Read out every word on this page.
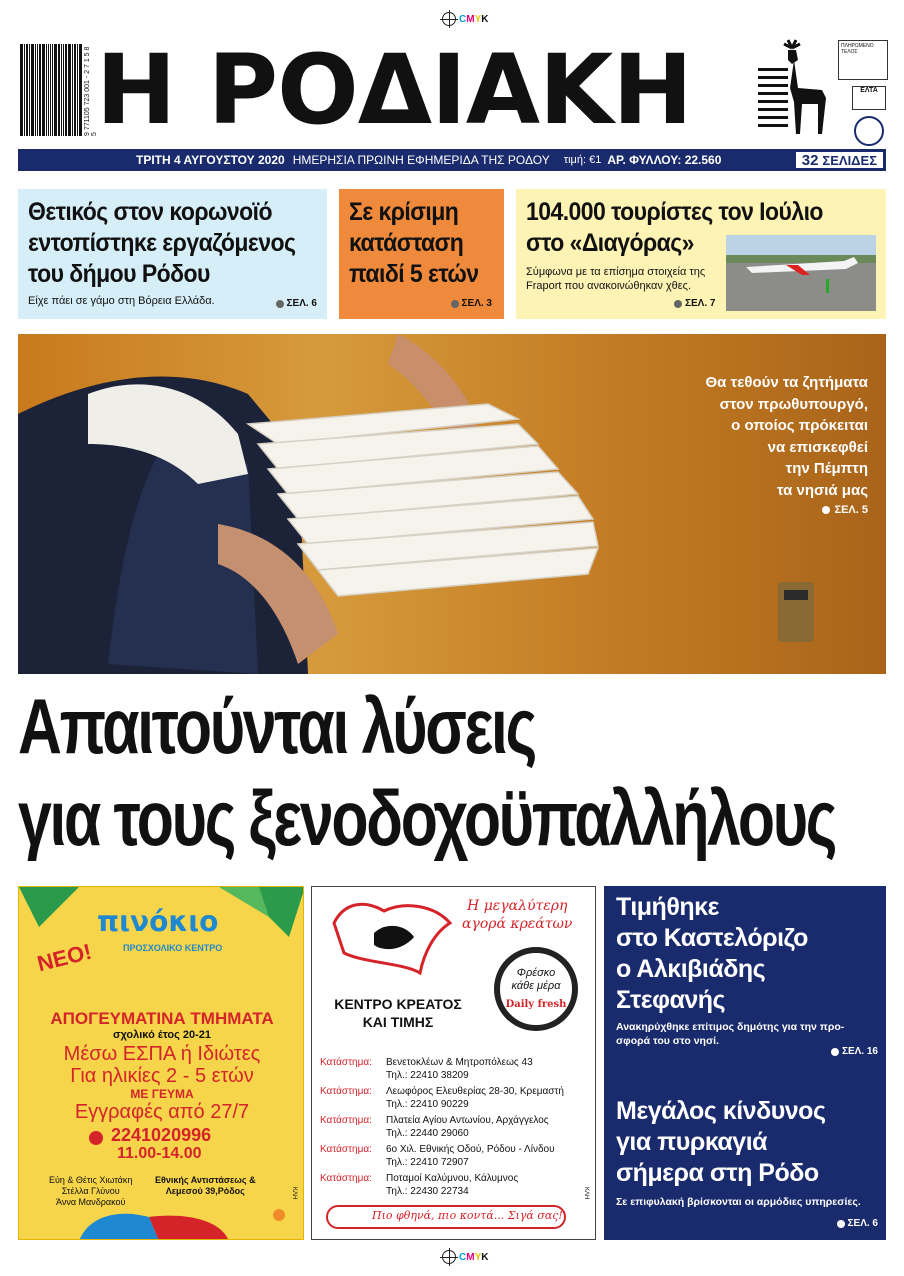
CMYK
9 771105 723 001 - 2 7 1 5 8 5
Η ΡΟΔΙΑΚΗ	ΠΛΗΡΩΜΕΝΟ ΤΕΛΟΣ
ΕΛΤΑ
ΤΡΙΤΗ 4 ΑΥΓΟΥΣΤΟΥ 2020 ΗΜΕΡΗΣΙΑ ΠΡΩΙΝΗ ΕΦΗΜΕΡΙΔΑ ΤΗΣ ΡΟΔΟΥ τιμή: €1 ΑΡ. ΦΥΛΛΟΥ: 22.560	32 ΣΕΛΙΔΕΣ
Θετικός στον κορωνοϊό
εντοπίστηκε εργαζόμενος
του δήμου Ρόδου

Είχε πάει σε γάμο στη Βόρεια Ελλάδα.	ΣΕΛ. 6
Σε κρίσιμη
κατάσταση
παιδί 5 ετών
ΣΕΛ. 3
104.000 τουρίστες τον Ιούλιο
στο «Διαγόρας»

Σύμφωνα με τα επίσημα στοιχεία της
Fraport που ανακοινώθηκαν χθες.

ΣΕΛ. 7
Θα τεθούν τα ζητήματα
στον πρωθυπουργό,
ο οποίος πρόκειται
να επισκεφθεί
την Πέμπτη
τα νησιά μας
ΣΕΛ. 5
Απαιτούνται λύσεις
για τους ξενοδοχοϋπαλλήλους
πινόκιο
ΠΡΟΣΧΟΛΙΚΟ ΚΕΝΤΡΟ
ΝΕΟ!
ΑΠΟΓΕΥΜΑΤΙΝΑ ΤΜΗΜΑΤΑ
σχολικό έτος 20-21
Μέσω ΕΣΠΑ ή Ιδιώτες
Για ηλικίες 2 - 5 ετών
ΜΕ ΓΕΥΜΑ
Εγγραφές από 27/7
2241020996
11.00-14.00
Εύη & Θέτις Χιωτάκη
Στέλλα Γλύνου
Άννα Μανδρακού
Εθνικής Αντιστάσεως &
Λεμεσού 39,Ρόδος	ΚΛΗ
Η μεγαλύτερη
αγορά κρεάτων
ΚΕΝΤΡΟ ΚΡΕΑΤΟΣ
ΚΑΙ ΤΙΜΗΣ
Φρέσκο
κάθε μέρα
Daily fresh
Κατάστημα:	Βενετοκλέων & Μητροπόλεως 43
Τηλ.: 22410 38209
Κατάστημα:	Λεωφόρος Ελευθερίας 28-30, Κρεμαστή
Τηλ.: 22410 90229
Κατάστημα:	Πλατεία Αγίου Αντωνίου, Αρχάγγελος
Τηλ.: 22440 29060
Κατάστημα:	6ο Χιλ. Εθνικής Οδού, Ρόδου - Λίνδου
Τηλ.: 22410 72907
Κατάστημα:	Ποταμοί Καλύμνου, Κάλυμνος
Τηλ.: 22430 22734
Πιο φθηνά, πιο κοντά... Σιγά σας!
ΚΛΗ
Τιμήθηκε
στο Καστελόριζο
ο Αλκιβιάδης
Στεφανής

Ανακηρύχθηκε επίτιμος δημότης για την προ-
σφορά του στο νησί.

ΣΕΛ. 16
Μεγάλος κίνδυνος
για πυρκαγιά
σήμερα στη Ρόδο

Σε επιφυλακή βρίσκονται οι αρμόδιες υπηρεσίες.

ΣΕΛ. 6
CMYK
